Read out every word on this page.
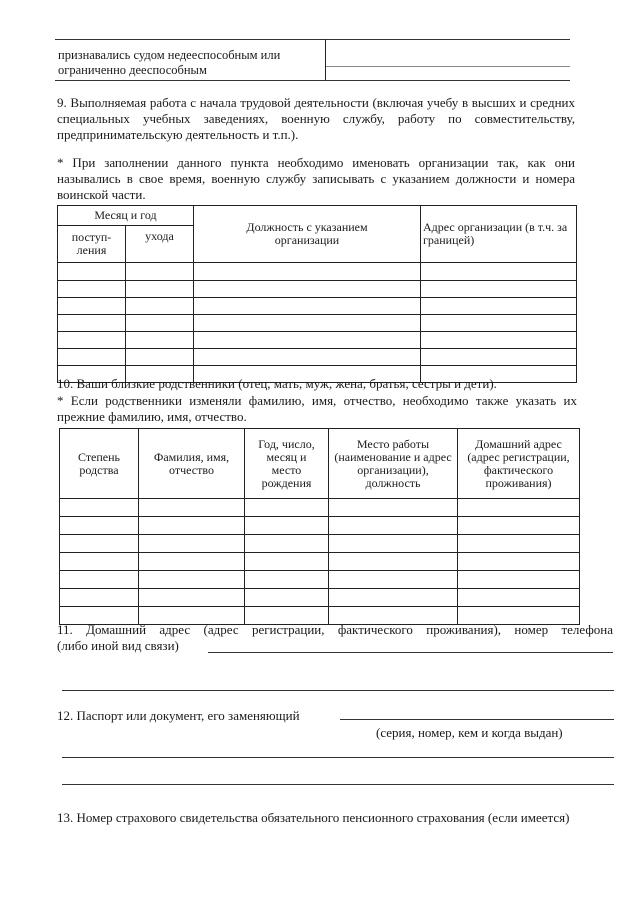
признавались судом недееспособным или
ограниченно дееспособным
9. Выполняемая работа с начала трудовой деятельности (включая учебу в высших и средних специальных учебных заведениях, военную службу, работу по совместительству, предпринимательскую деятельность и т.п.).
* При заполнении данного пункта необходимо именовать организации так, как они назывались в свое время, военную службу записывать с указанием должности и номера воинской части.
Месяц и год		Должность с указанием организации	Адрес организации (в т.ч. за границей)
поступ-ления	ухода		

10. Ваши близкие родственники (отец, мать, муж, жена, братья, сестры и дети).
* Если родственники изменяли фамилию, имя, отчество, необходимо также указать их прежние фамилию, имя, отчество.
Степень родства	Фамилия, имя, отчество	Год, число, месяц и место рождения	Место работы (наименование и адрес организации), должность	Домашний адрес (адрес регистрации, фактического проживания)

11. Домашний адрес (адрес регистрации, фактического проживания), номер телефона
(либо иной вид связи)
12. Паспорт или документ, его заменяющий
(серия, номер, кем и когда выдан)
13. Номер страхового свидетельства обязательного пенсионного страхования (если имеется)
